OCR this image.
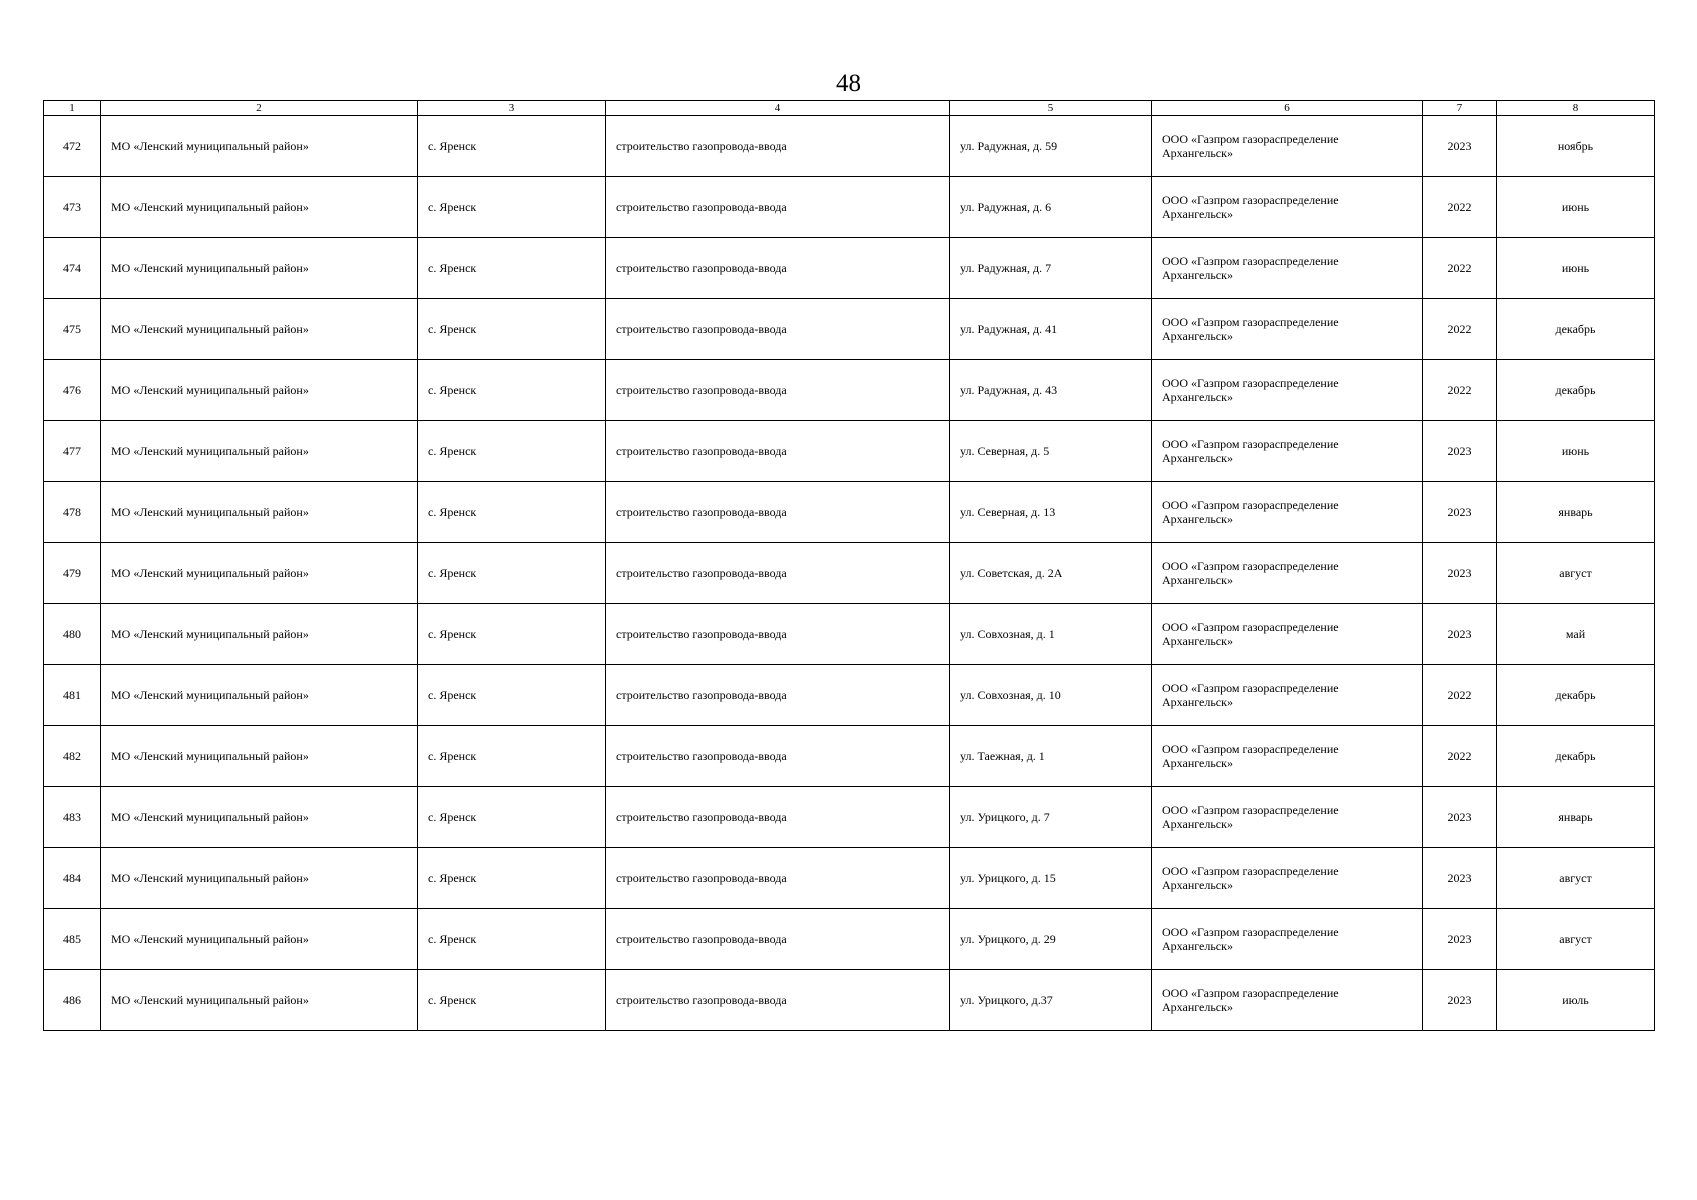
48
1	2	3	4	5	6	7	8
472	МО «Ленский муниципальный район»	с. Яренск	строительство газопровода-ввода	ул. Радужная, д. 59	ООО «Газпром газораспределение Архангельск»	2023	ноябрь
473	МО «Ленский муниципальный район»	с. Яренск	строительство газопровода-ввода	ул. Радужная, д. 6	ООО «Газпром газораспределение Архангельск»	2022	июнь
474	МО «Ленский муниципальный район»	с. Яренск	строительство газопровода-ввода	ул. Радужная, д. 7	ООО «Газпром газораспределение Архангельск»	2022	июнь
475	МО «Ленский муниципальный район»	с. Яренск	строительство газопровода-ввода	ул. Радужная, д. 41	ООО «Газпром газораспределение Архангельск»	2022	декабрь
476	МО «Ленский муниципальный район»	с. Яренск	строительство газопровода-ввода	ул. Радужная, д. 43	ООО «Газпром газораспределение Архангельск»	2022	декабрь
477	МО «Ленский муниципальный район»	с. Яренск	строительство газопровода-ввода	ул. Северная, д. 5	ООО «Газпром газораспределение Архангельск»	2023	июнь
478	МО «Ленский муниципальный район»	с. Яренск	строительство газопровода-ввода	ул. Северная, д. 13	ООО «Газпром газораспределение Архангельск»	2023	январь
479	МО «Ленский муниципальный район»	с. Яренск	строительство газопровода-ввода	ул. Советская, д. 2А	ООО «Газпром газораспределение Архангельск»	2023	август
480	МО «Ленский муниципальный район»	с. Яренск	строительство газопровода-ввода	ул. Совхозная, д. 1	ООО «Газпром газораспределение Архангельск»	2023	май
481	МО «Ленский муниципальный район»	с. Яренск	строительство газопровода-ввода	ул. Совхозная, д. 10	ООО «Газпром газораспределение Архангельск»	2022	декабрь
482	МО «Ленский муниципальный район»	с. Яренск	строительство газопровода-ввода	ул. Таежная, д. 1	ООО «Газпром газораспределение Архангельск»	2022	декабрь
483	МО «Ленский муниципальный район»	с. Яренск	строительство газопровода-ввода	ул. Урицкого, д. 7	ООО «Газпром газораспределение Архангельск»	2023	январь
484	МО «Ленский муниципальный район»	с. Яренск	строительство газопровода-ввода	ул. Урицкого, д. 15	ООО «Газпром газораспределение Архангельск»	2023	август
485	МО «Ленский муниципальный район»	с. Яренск	строительство газопровода-ввода	ул. Урицкого, д. 29	ООО «Газпром газораспределение Архангельск»	2023	август
486	МО «Ленский муниципальный район»	с. Яренск	строительство газопровода-ввода	ул. Урицкого, д.37	ООО «Газпром газораспределение Архангельск»	2023	июль
